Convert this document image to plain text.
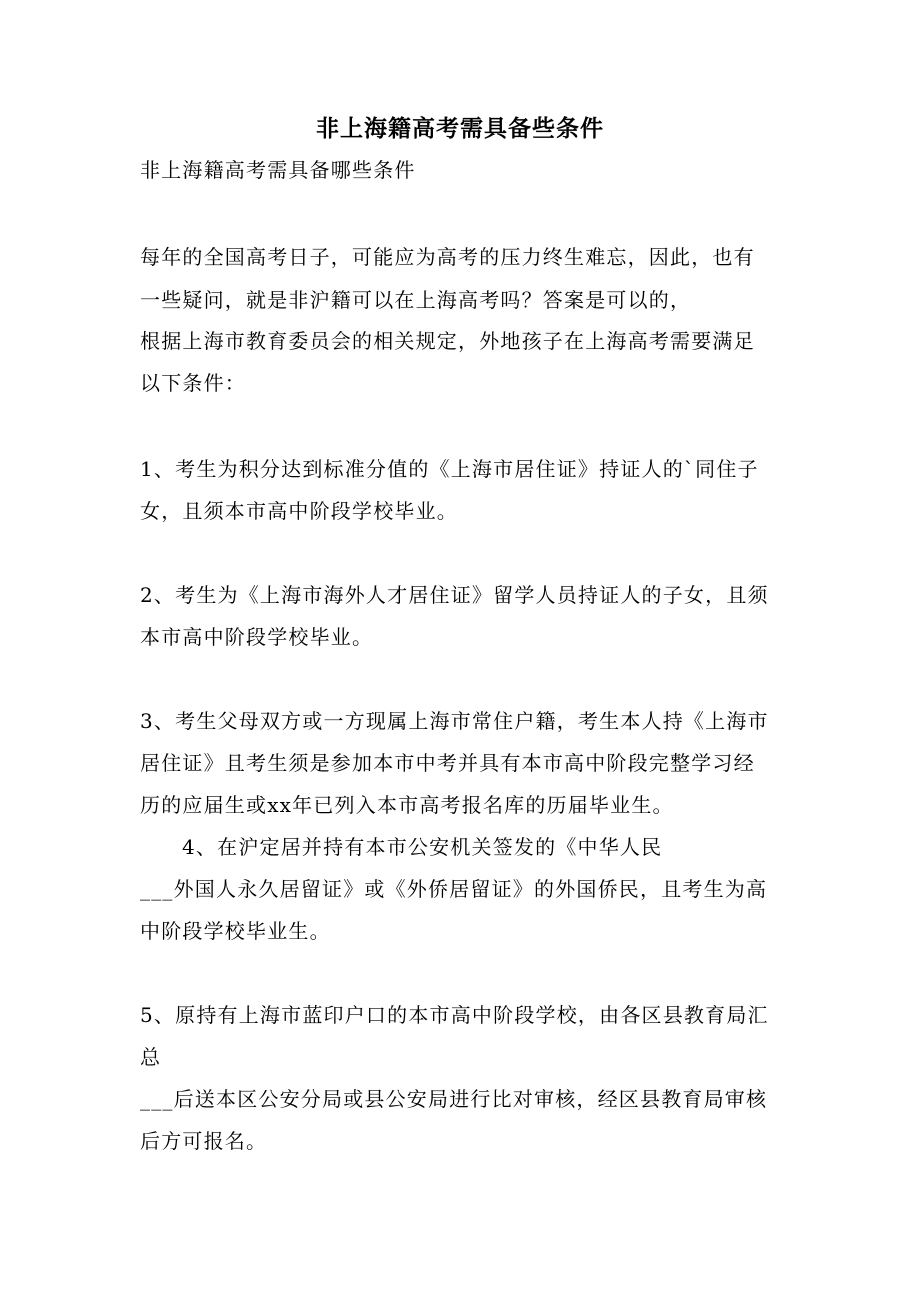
非上海籍高考需具备些条件
非上海籍高考需具备哪些条件
每年的全国高考日子，可能应为高考的压力终生难忘，因此，也有
一些疑问，就是非沪籍可以在上海高考吗？答案是可以的，
根据上海市教育委员会的相关规定，外地孩子在上海高考需要满足
以下条件：
1、考生为积分达到标准分值的《上海市居住证》持证人的`同住子
女，且须本市高中阶段学校毕业。
2、考生为《上海市海外人才居住证》留学人员持证人的子女，且须
本市高中阶段学校毕业。
3、考生父母双方或一方现属上海市常住户籍，考生本人持《上海市
居住证》且考生须是参加本市中考并具有本市高中阶段完整学习经
历的应届生或xx年已列入本市高考报名库的历届毕业生。
4、在沪定居并持有本市公安机关签发的《中华人民
___外国人永久居留证》或《外侨居留证》的外国侨民，且考生为高
中阶段学校毕业生。
5、原持有上海市蓝印户口的本市高中阶段学校，由各区县教育局汇
总
___后送本区公安分局或县公安局进行比对审核，经区县教育局审核
后方可报名。
